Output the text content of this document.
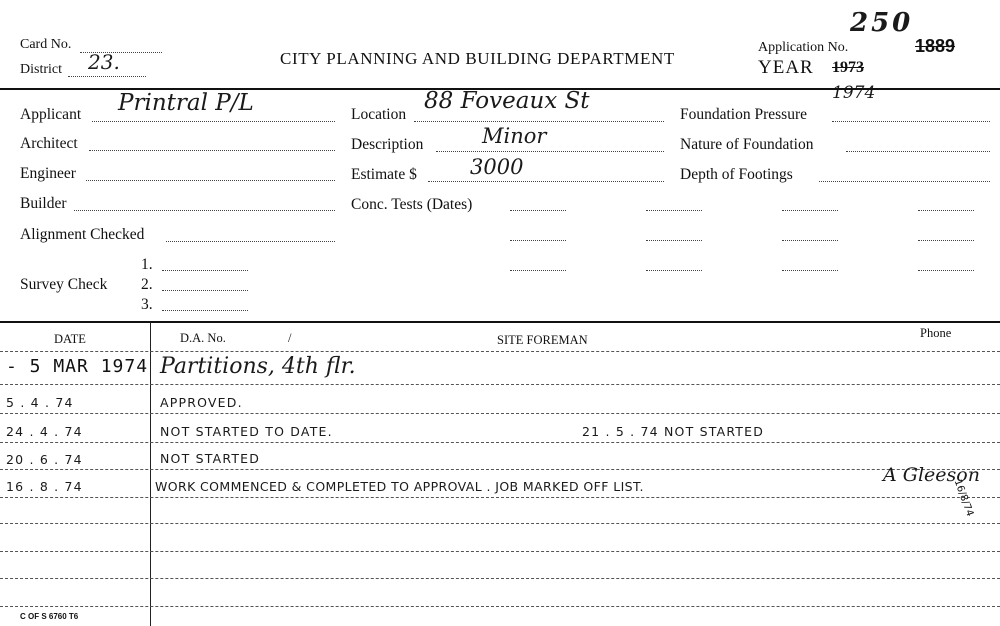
Card No.
District 23.	CITY PLANNING AND BUILDING DEPARTMENT
Application No.
250
1889
YEAR 1973
1974
Applicant Printral P/L
Architect
Engineer
Builder
Alignment Checked
Survey Check
1.
2.
3.
Location
88 Foveaux St
Description	Minor
Estimate $	3000
Conc. Tests (Dates)
Foundation Pressure
Nature of Foundation
Depth of Footings
DATE	D.A. No.	/	SITE FOREMAN	Phone
- 5 MAR 1974 Partitions, 4th flr.
5 . 4 . 74	APPROVED.
24 . 4 . 74	NOT STARTED TO DATE.	21 . 5 . 74 NOT STARTED
20 . 6 . 74	NOT STARTED
16 . 8 . 74	WORK COMMENCED & COMPLETED TO APPROVAL . JOB MARKED OFF LIST.
A Gleeson
16/8/74
C OF S 6760 T6
